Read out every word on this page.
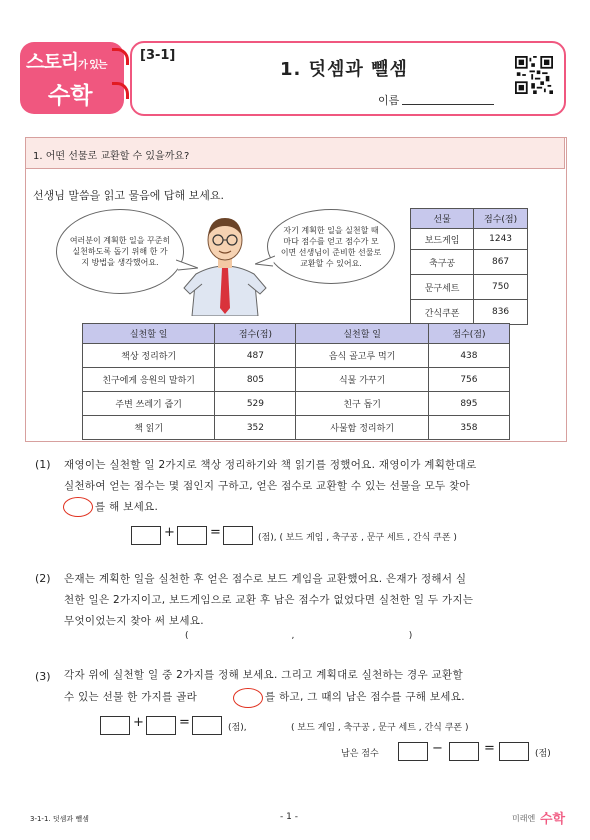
스토리가 있는
수학
[3-1]
1. 덧셈과 뺄셈
이름
1. 어떤 선물로 교환할 수 있을까요?
선생님 말씀을 읽고 물음에 답해 보세요.
여러분이 계획한 일을 꾸준히 실천하도록 돕기 위해 한 가지 방법을 생각했어요.
자기 계획한 일을 실천할 때마다 점수를 얻고 점수가 모이면 선생님이 준비한 선물로 교환할 수 있어요.
선물	점수(점)
보드게임	1243
축구공	867
문구세트	750
간식쿠폰	836
실천할 일	점수(점)	실천할 일	점수(점)
책상 정리하기	487	음식 골고루 먹기	438
친구에게 응원의 말하기	805	식물 가꾸기	756
주변 쓰레기 줍기	529	친구 돕기	895
책 읽기	352	사물함 정리하기	358
(1) 재영이는 실천할 일 2가지로 책상 정리하기와 책 읽기를 정했어요. 재영이가 계획한대로
실천하여 얻는 점수는 몇 점인지 구하고, 얻은 점수로 교환할 수 있는 선물을 모두 찾아
를 해 보세요.
+	=	(점), ( 보드 게임 , 축구공 , 문구 세트 , 간식 쿠폰 )
(2) 은재는 계획한 일을 실천한 후 얻은 점수로 보드 게임을 교환했어요. 은재가 정해서 실
천한 일은 2가지이고, 보드게임으로 교환 후 남은 점수가 없었다면 실천한 일 두 가지는
무엇이었는지 찾아 써 보세요.
(                                    ,                                        )
(3) 각자 위에 실천할 일 중 2가지를 정해 보세요. 그리고 계획대로 실천하는 경우 교환할
수 있는 선물 한 가지를 골라	를 하고, 그 때의 남은 점수를 구해 보세요.
+	=	(점),	( 보드 게임 , 축구공 , 문구 세트 , 간식 쿠폰 )
남은 점수	−	=	(점)
3-1-1. 덧셈과 뺄셈	- 1 -	미래엔 수학
